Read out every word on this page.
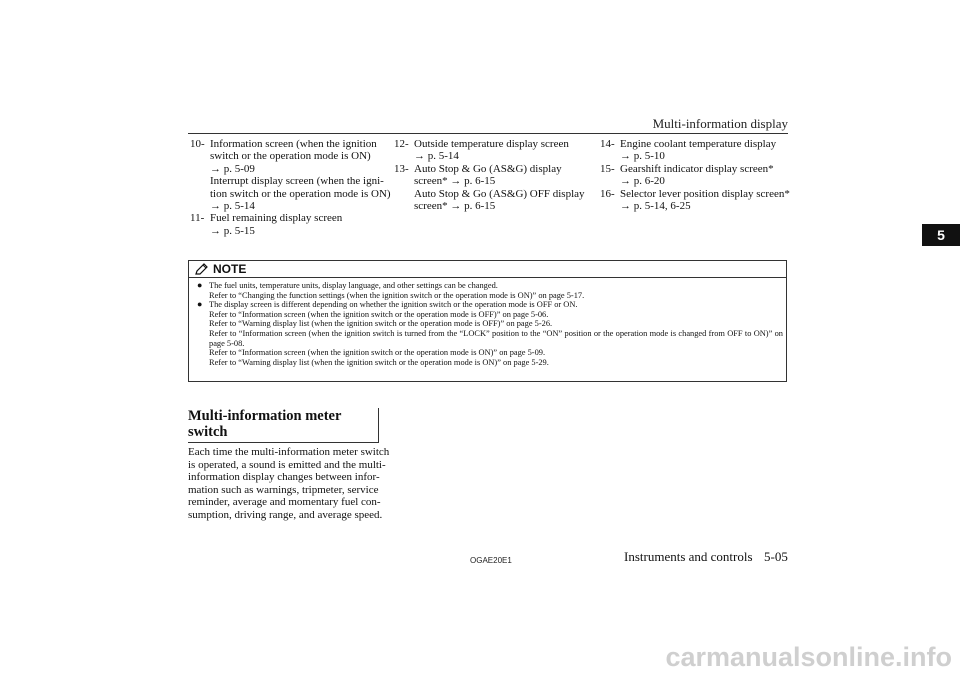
Multi-information display
5
10- Information screen (when the ignition
switch or the operation mode is ON)
→ p. 5-09
Interrupt display screen (when the igni-
tion switch or the operation mode is ON)
→ p. 5-14
11- Fuel remaining display screen
→ p. 5-15
12- Outside temperature display screen
→ p. 5-14
13- Auto Stop & Go (AS&G) display
screen* → p. 6-15
Auto Stop & Go (AS&G) OFF display
screen* → p. 6-15
14- Engine coolant temperature display
→ p. 5-10
15- Gearshift indicator display screen*
→ p. 6-20
16- Selector lever position display screen*
→ p. 5-14, 6-25
NOTE
● The fuel units, temperature units, display language, and other settings can be changed.
Refer to “Changing the function settings (when the ignition switch or the operation mode is ON)” on page 5-17.
● The display screen is different depending on whether the ignition switch or the operation mode is OFF or ON.
Refer to “Information screen (when the ignition switch or the operation mode is OFF)” on page 5-06.
Refer to “Warning display list (when the ignition switch or the operation mode is OFF)” on page 5-26.
Refer to “Information screen (when the ignition switch is turned from the “LOCK” position to the “ON” position or the operation mode is changed from OFF to ON)” on page 5-08.
Refer to “Information screen (when the ignition switch or the operation mode is ON)” on page 5-09.
Refer to “Warning display list (when the ignition switch or the operation mode is ON)” on page 5-29.
Multi-information meter
switch
Each time the multi-information meter switch
is operated, a sound is emitted and the multi-
information display changes between infor-
mation such as warnings, tripmeter, service
reminder, average and momentary fuel con-
sumption, driving range, and average speed.
OGAE20E1	Instruments and controls 5-05
carmanualsonline.info
